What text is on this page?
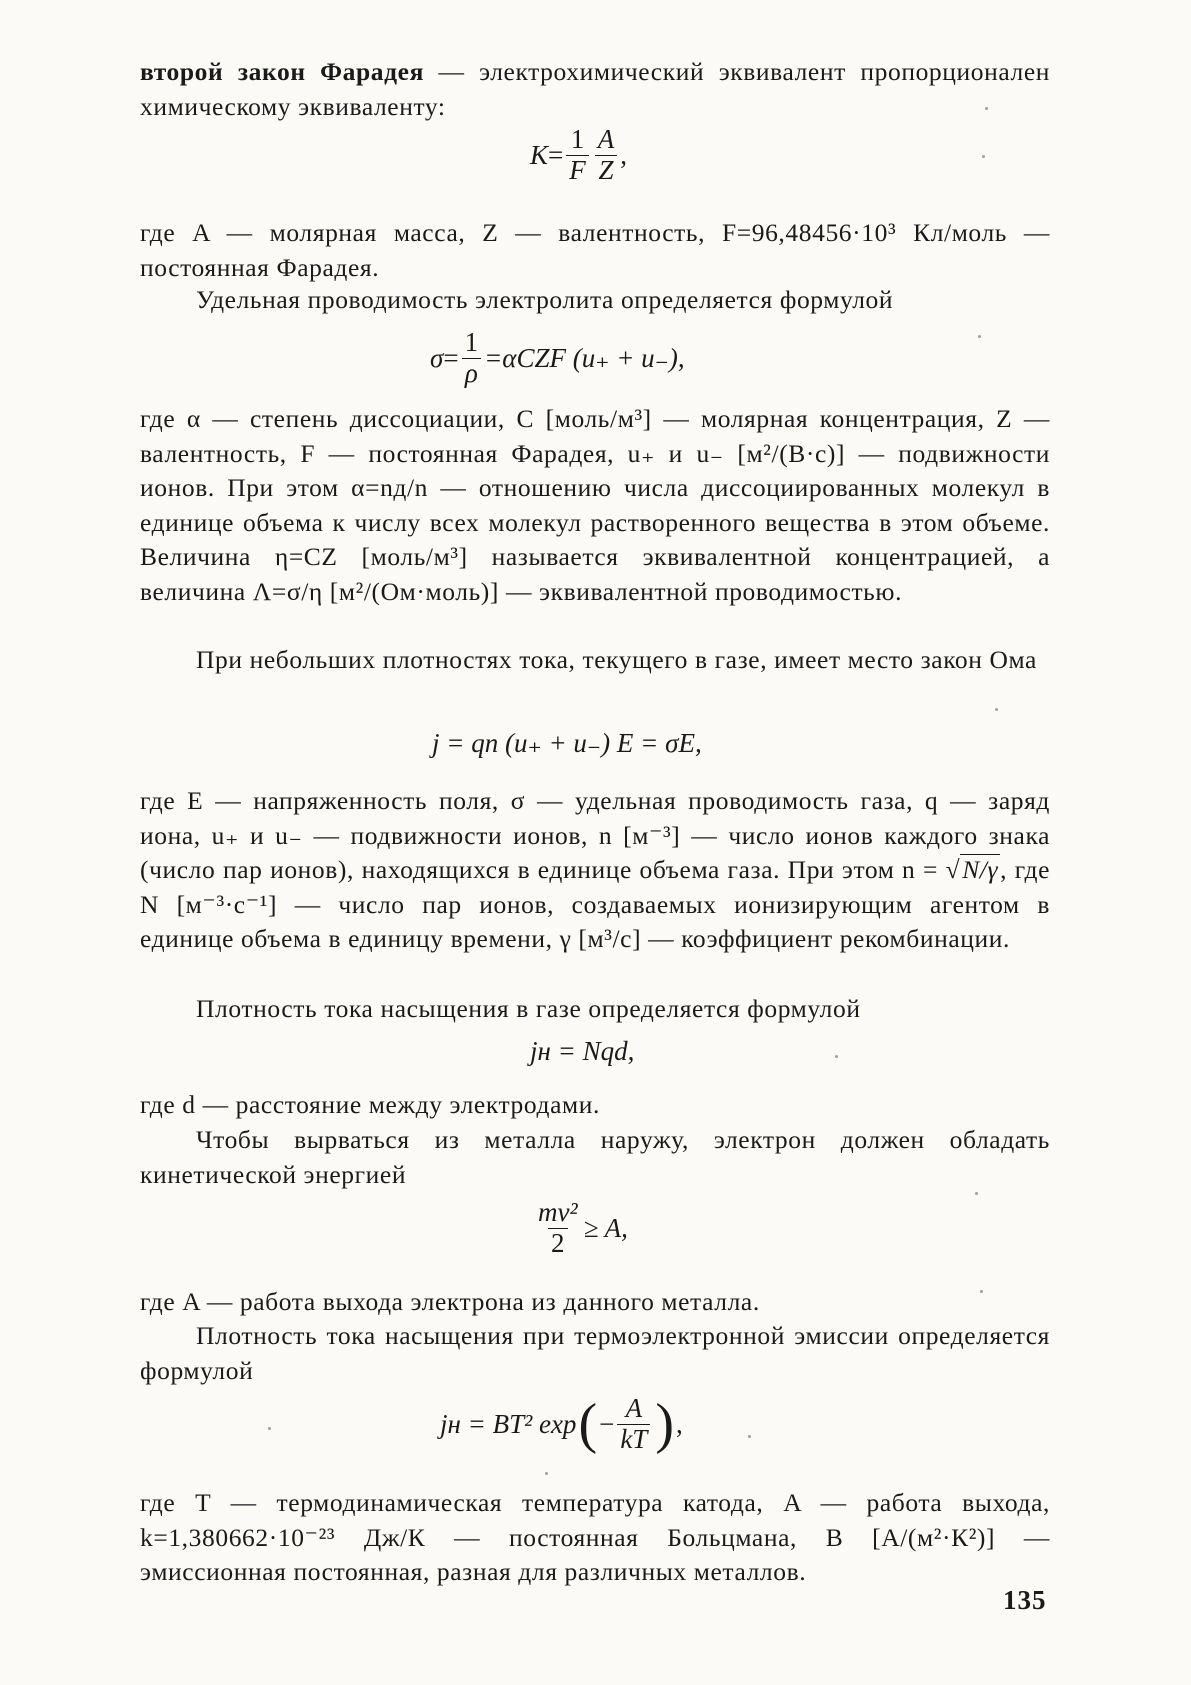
второй закон Фарадея — электрохимический эквивалент пропорционален химическому эквиваленту:
$K = \frac{1}{F} \frac{A}{Z}$ ,
где A — молярная масса, Z — валентность, F=96,48456·10³ Кл/моль — постоянная Фарадея.
Удельная проводимость электролита определяется формулой
$\sigma = \frac{1}{\rho} =\alpha CZF$ (u₊ + u₋),
где α — степень диссоциации, C [моль/м³] — молярная концентрация, Z — валентность, F — постоянная Фарадея, u₊ и u₋ [м²/(В·с)] — подвижности ионов. При этом α=nд/n — отношению числа диссоциированных молекул в единице объема к числу всех молекул растворенного вещества в этом объеме. Величина η=CZ [моль/м³] называется эквивалентной концентрацией, а величина Λ=σ/η [м²/(Ом·моль)] — эквивалентной проводимостью.
При небольших плотностях тока, текущего в газе, имеет место закон Ома
j = qn (u₊ + u₋) E = σE,
где E — напряженность поля, σ — удельная проводимость газа, q — заряд иона, u₊ и u₋ — подвижности ионов, n [м⁻³] — число ионов каждого знака (число пар ионов), находящихся в единице объема газа. При этом n = √N/γ, где N [м⁻³·с⁻¹] — число пар ионов, создаваемых ионизирующим агентом в единице объема в единицу времени, γ [м³/с] — коэффициент рекомбинации.
Плотность тока насыщения в газе определяется формулой
jн = Nqd,
где d — расстояние между электродами.
Чтобы вырваться из металла наружу, электрон должен обладать кинетической энергией
$\frac{\text{mv²}}{2} \ge A$,
где A — работа выхода электрона из данного металла.
Плотность тока насыщения при термоэлектронной эмиссии определяется формулой
jн = BT² exp ( − $\frac{A}{kT}$ ) ,
где T — термодинамическая температура катода, A — работа выхода, k=1,380662·10⁻²³ Дж/К — постоянная Больцмана, B [А/(м²·К²)] — эмиссионная постоянная, разная для различных металлов.
135
